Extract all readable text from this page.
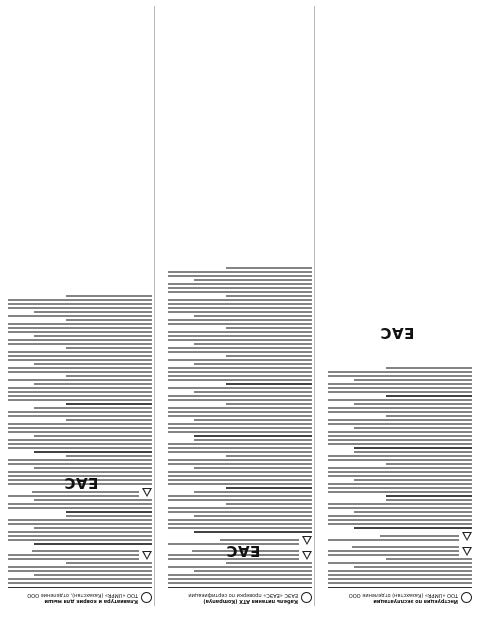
Клавиатура и коврик для мыши
ТОО «UMPR» (Казахстан), отделение ООО
EAC
Кабель питания ATX (Kompanya)
ЕАЭС «ЕАЭС» проверки по сертификации
EAC
Инструкция по эксплуатации
ТОО «UMPR» (Казахстан) отделение ООО
EAC
